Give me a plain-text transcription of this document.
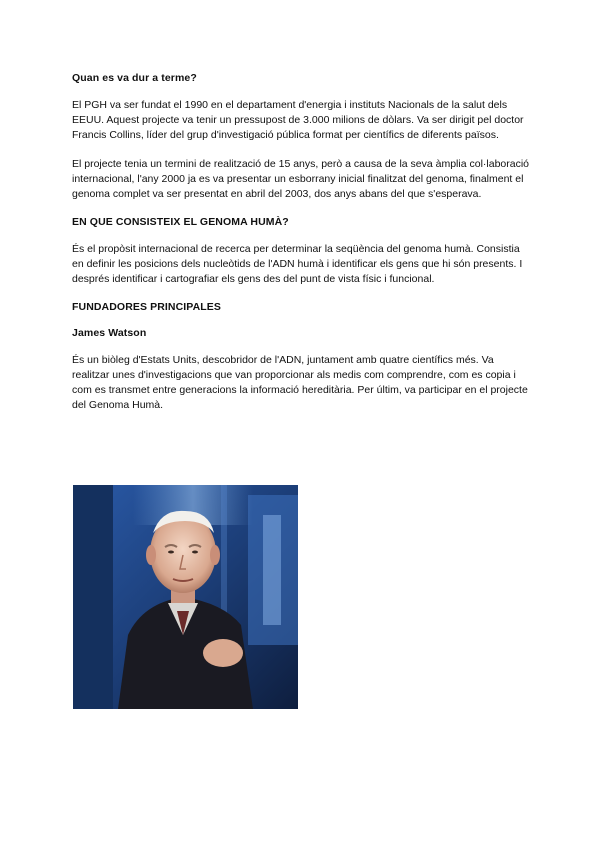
Quan es va dur a terme?

El PGH va ser fundat el 1990 en el departament d'energia i instituts Nacionals de la salut dels EEUU. Aquest projecte va tenir un pressupost de 3.000 milions de dòlars. Va ser dirigit pel doctor Francis Collins, líder del grup d'investigació pública format per científics de diferents països.

El projecte tenia un termini de realització de 15 anys, però a causa de la seva àmplia col·laboració internacional, l'any 2000 ja es va presentar un esborrany inicial finalitzat del genoma, finalment el genoma complet va ser presentat en abril del 2003, dos anys abans del que s'esperava.

EN QUE CONSISTEIX EL GENOMA HUMÀ?

És el propòsit internacional de recerca per determinar la seqüència del genoma humà. Consistia en definir les posicions dels nucleòtids de l'ADN humà i identificar els gens que hi són presents. I després identificar i cartografiar els gens des del punt de vista físic i funcional.

FUNDADORES PRINCIPALES
James Watson

És un biòleg d'Estats Units, descobridor de l'ADN, juntament amb quatre científics més. Va realitzar unes d'investigacions que van proporcionar als medis com comprendre, com es copia i com es transmet entre generacions la informació hereditària. Per últim, va participar en el projecte del Genoma Humà.
